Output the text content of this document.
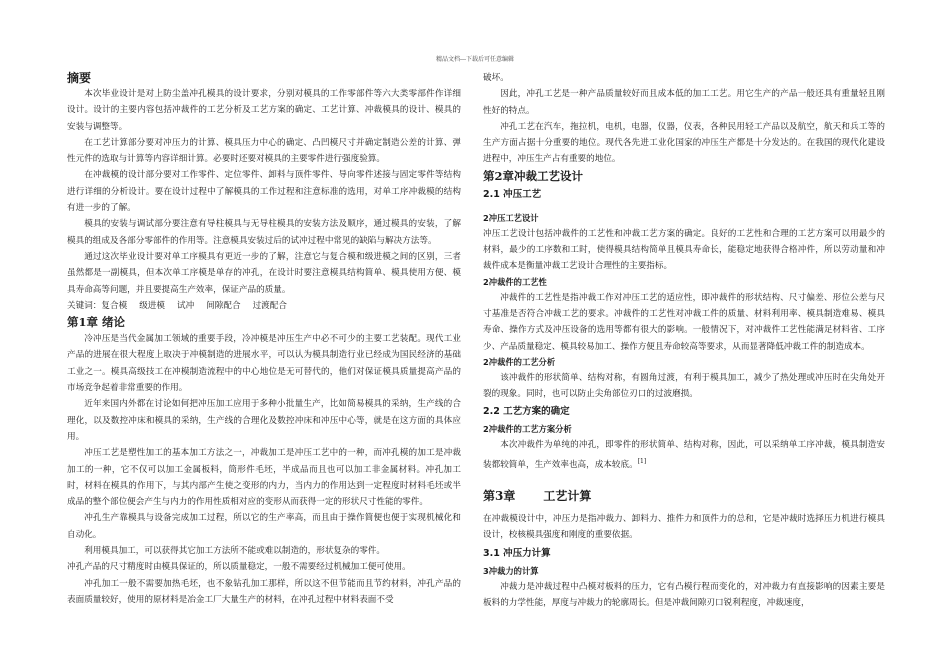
精品文档---下载后可任意编辑

摘要

本次毕业设计是对上防尘盖冲孔模具的设计要求，分别对模具的工作零部件等六大类零部件作详细设计。设计的主要内容包括冲裁件的工艺分析及工艺方案的确定、工艺计算、冲裁模具的设计、模具的安装与调整等。

在工艺计算部分要对冲压力的计算、模具压力中心的确定、凸凹模尺寸并确定制造公差的计算、弹性元件的选取与计算等内容详细计算。必要时还要对模具的主要零件进行强度验算。

在冲裁模的设计部分要对工作零件、定位零件、卸料与顶件零件、导向零件述接与固定零件等结构进行详细的分析设计。要在设计过程中了解模具的工作过程和注意标准的选用，对单工序冲裁模的结构有进一步的了解。

模具的安装与调试部分要注意有导柱模具与无导柱模具的安装方法及顺序，通过模具的安装，了解模具的组成及各部分零部件的作用等。注意模具安装过后的试冲过程中常见的缺陷与解决方法等。

通过这次毕业设计要对单工序模具有更近一步的了解，注意它与复合模和级进模之间的区别，三者虽然都是一副模具，但本次单工序模是单存的冲孔，在设计时要注意模具结构简单、模具使用方便、模具寿命高等问题，并且要提高生产效率，保证产品的质量。

关键词：复合模 级进模 试冲 间隙配合 过渡配合

第1章 绪论

冷冲压是当代金属加工领域的重要手段，冷冲模是冲压生产中必不可少的主要工艺装配。现代工业产品的进展在很大程度上取决于冲模制造的进展水平，可以认为模具制造行业已经成为国民经济的基础工业之一。模具高级技工在冲模制造流程中的中心地位是无可替代的，他们对保证模具质量提高产品的市场竞争起着非常重要的作用。

近年来国内外都在讨论如何把冲压加工应用于多种小批量生产，比如简易模具的采纳，生产线的合理化，以及数控冲床和模具的采纳，生产线的合理化及数控冲床和冲压中心等，就是在这方面的具体应用。

冲压工艺是塑性加工的基本加工方法之一，冲裁加工是冲压工艺中的一种，而冲孔模的加工是冲裁加工的一种，它不仅可以加工金属板料，筒形件毛坯，半成品而且也可以加工非金属材料。冲孔加工时，材料在模具的作用下，与其内部产生使之变形的内力，当内力的作用达到一定程度时材料毛坯或半成品的整个部位便会产生与内力的作用性质相对应的变形从而获得一定的形状尺寸性能的零件。

冲孔生产靠模具与设备完成加工过程，所以它的生产率高，而且由于操作简便也便于实现机械化和自动化。

利用模具加工，可以获得其它加工方法所不能或难以制造的，形状复杂的零件。

冲孔产品的尺寸精度时由模具保证的，所以质量稳定，一般不需要经过机械加工便可使用。

冲孔加工一般不需要加热毛坯，也不象钻孔加工那样，所以这不但节能而且节约材料，冲孔产品的表面质量较好，使用的原材料是冶金工厂大量生产的材料，在冲孔过程中材料表面不受

破坏。

因此，冲孔工艺是一种产品质量较好而且成本低的加工工艺。用它生产的产品一般还具有重量轻且刚性好的特点。

冲孔工艺在汽车，拖拉机，电机，电器，仪器，仪表，各种民用轻工产品以及航空，航天和兵工等的生产方面占据十分重要的地位。现代各先进工业化国家的冲压生产都是十分发达的。在我国的现代化建设进程中，冲压生产占有重要的地位。

第2章冲裁工艺设计

2.1 冲压工艺

2冲压工艺设计

冲压工艺设计包括冲裁件的工艺性和冲裁工艺方案的确定。良好的工艺性和合理的工艺方案可以用最少的材料，最少的工序数和工时，使得模具结构简单且模具寿命长，能稳定地获得合格冲件，所以劳动量和冲裁件成本是衡量冲裁工艺设计合理性的主要指标。

2冲裁件的工艺性

冲裁件的工艺性是指冲裁工作对冲压工艺的适应性，即冲裁件的形状结构、尺寸偏差、形位公差与尺寸基准是否符合冲裁工艺的要求。冲裁件的工艺性对冲裁工件的质量、材料利用率、模具制造难易、模具寿命、操作方式及冲压设备的选用等都有很大的影响。一般情况下，对冲裁件工艺性能满足材料省、工序少、产品质量稳定、模具较易加工、操作方便且寿命较高等要求，从而显著降低冲裁工件的制造成本。

2冲裁件的工艺分析

该冲裁件的形状简单、结构对称，有圆角过渡，有利于模具加工，减少了热处理或冲压时在尖角处开裂的现象。同时，也可以防止尖角部位刃口的过波磨损。

2.2 工艺方案的确定

2冲裁件的工艺方案分析

本次冲裁件为单纯的冲孔，即零件的形状简单、结构对称，因此，可以采纳单工序冲裁，模具制造安装都较简单，生产效率也高，成本较底。[1]

第3章 工艺计算

在冲裁模设计中，冲压力是指冲裁力、卸料力、推件力和顶件力的总和，它是冲裁时选择压力机进行模具设计，校核模具强度和刚度的重要依据。

3.1 冲压力计算

3冲裁力的计算

冲裁力是冲裁过程中凸模对板料的压力，它有凸模行程而变化的，对冲裁力有直接影响的因素主要是板料的力学性能，厚度与冲裁力的轮廓周长。但是冲裁间隙刃口锐利程度，冲裁速度，
